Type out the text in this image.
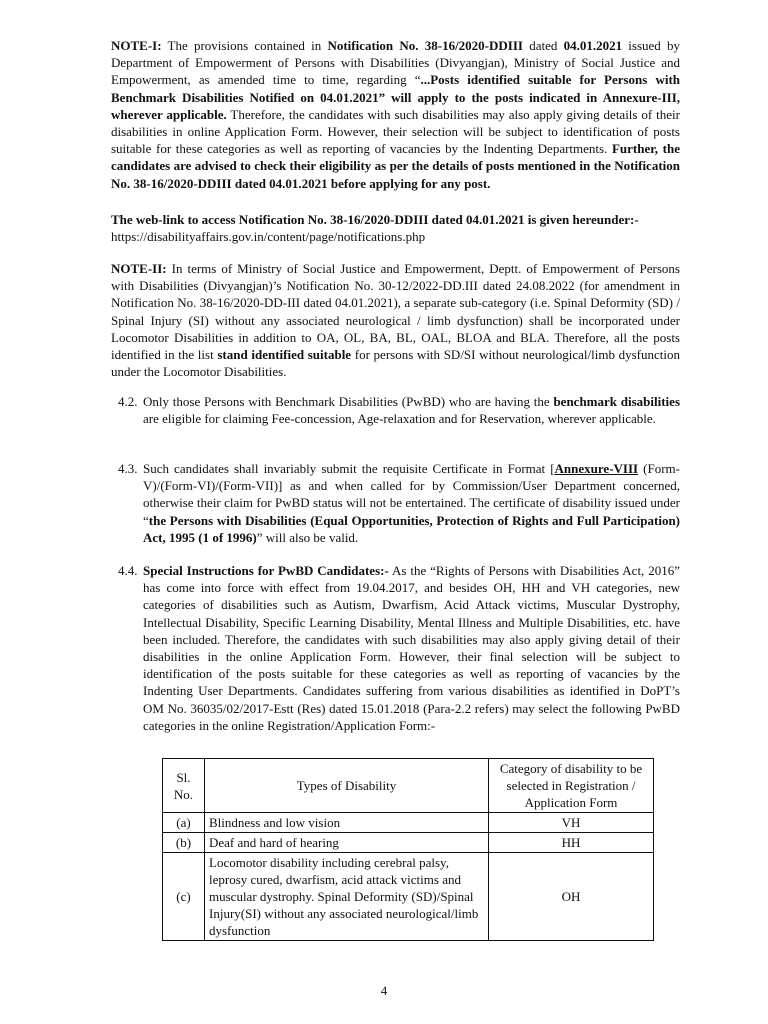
NOTE-I: The provisions contained in Notification No. 38-16/2020-DDIII dated 04.01.2021 issued by Department of Empowerment of Persons with Disabilities (Divyangjan), Ministry of Social Justice and Empowerment, as amended time to time, regarding “...Posts identified suitable for Persons with Benchmark Disabilities Notified on 04.01.2021” will apply to the posts indicated in Annexure-III, wherever applicable. Therefore, the candidates with such disabilities may also apply giving details of their disabilities in online Application Form. However, their selection will be subject to identification of posts suitable for these categories as well as reporting of vacancies by the Indenting Departments. Further, the candidates are advised to check their eligibility as per the details of posts mentioned in the Notification No. 38-16/2020-DDIII dated 04.01.2021 before applying for any post.

The web-link to access Notification No. 38-16/2020-DDIII dated 04.01.2021 is given hereunder:-
https://disabilityaffairs.gov.in/content/page/notifications.php

NOTE-II: In terms of Ministry of Social Justice and Empowerment, Deptt. of Empowerment of Persons with Disabilities (Divyangjan)’s Notification No. 30-12/2022-DD.III dated 24.08.2022 (for amendment in Notification No. 38-16/2020-DD-III dated 04.01.2021), a separate sub-category (i.e. Spinal Deformity (SD) / Spinal Injury (SI) without any associated neurological / limb dysfunction) shall be incorporated under Locomotor Disabilities in addition to OA, OL, BA, BL, OAL, BLOA and BLA. Therefore, all the posts identified in the list stand identified suitable for persons with SD/SI without neurological/limb dysfunction under the Locomotor Disabilities.

4.2. Only those Persons with Benchmark Disabilities (PwBD) who are having the benchmark disabilities are eligible for claiming Fee-concession, Age-relaxation and for Reservation, wherever applicable.
4.3. Such candidates shall invariably submit the requisite Certificate in Format [Annexure-VIII (Form-V)/(Form-VI)/(Form-VII)] as and when called for by Commission/User Department concerned, otherwise their claim for PwBD status will not be entertained. The certificate of disability issued under “the Persons with Disabilities (Equal Opportunities, Protection of Rights and Full Participation) Act, 1995 (1 of 1996)” will also be valid.
4.4. Special Instructions for PwBD Candidates:- As the “Rights of Persons with Disabilities Act, 2016” has come into force with effect from 19.04.2017, and besides OH, HH and VH categories, new categories of disabilities such as Autism, Dwarfism, Acid Attack victims, Muscular Dystrophy, Intellectual Disability, Specific Learning Disability, Mental Illness and Multiple Disabilities, etc. have been included. Therefore, the candidates with such disabilities may also apply giving detail of their disabilities in the online Application Form. However, their final selection will be subject to identification of the posts suitable for these categories as well as reporting of vacancies by the Indenting User Departments. Candidates suffering from various disabilities as identified in DoPT’s OM No. 36035/02/2017-Estt (Res) dated 15.01.2018 (Para-2.2 refers) may select the following PwBD categories in the online Registration/Application Form:-
Sl. No.	Types of Disability	Category of disability to be selected in Registration / Application Form
(a)	Blindness and low vision	VH
(b)	Deaf and hard of hearing	HH
(c)	Locomotor disability including cerebral palsy, leprosy cured, dwarfism, acid attack victims and muscular dystrophy. Spinal Deformity (SD)/Spinal Injury(SI) without any associated neurological/limb dysfunction	OH
4
